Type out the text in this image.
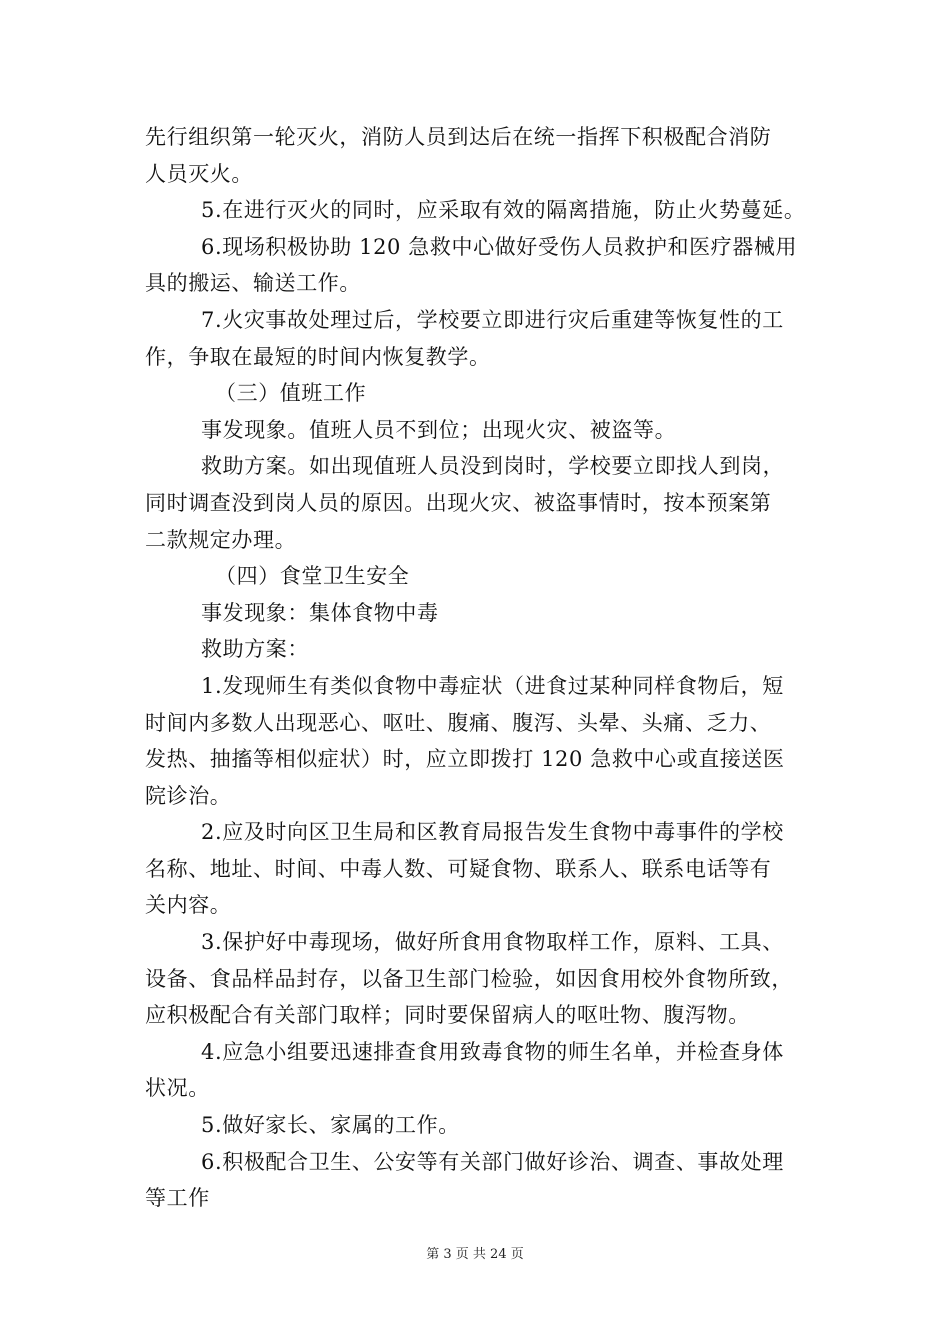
先行组织第一轮灭火，消防人员到达后在统一指挥下积极配合消防
人员灭火。
5.在进行灭火的同时，应采取有效的隔离措施，防止火势蔓延。
6.现场积极协助 120 急救中心做好受伤人员救护和医疗器械用
具的搬运、输送工作。
7.火灾事故处理过后，学校要立即进行灾后重建等恢复性的工
作，争取在最短的时间内恢复教学。
（三）值班工作
事发现象。值班人员不到位；出现火灾、被盗等。
救助方案。如出现值班人员没到岗时，学校要立即找人到岗，
同时调查没到岗人员的原因。出现火灾、被盗事情时，按本预案第
二款规定办理。
（四）食堂卫生安全
事发现象：集体食物中毒
救助方案：
1.发现师生有类似食物中毒症状（进食过某种同样食物后，短
时间内多数人出现恶心、呕吐、腹痛、腹泻、头晕、头痛、乏力、
发热、抽搐等相似症状）时，应立即拨打 120 急救中心或直接送医
院诊治。
2.应及时向区卫生局和区教育局报告发生食物中毒事件的学校
名称、地址、时间、中毒人数、可疑食物、联系人、联系电话等有
关内容。
3.保护好中毒现场，做好所食用食物取样工作，原料、工具、
设备、食品样品封存，以备卫生部门检验，如因食用校外食物所致，
应积极配合有关部门取样；同时要保留病人的呕吐物、腹泻物。
4.应急小组要迅速排查食用致毒食物的师生名单，并检查身体
状况。
5.做好家长、家属的工作。
6.积极配合卫生、公安等有关部门做好诊治、调查、事故处理
等工作
第 3 页 共 24 页
